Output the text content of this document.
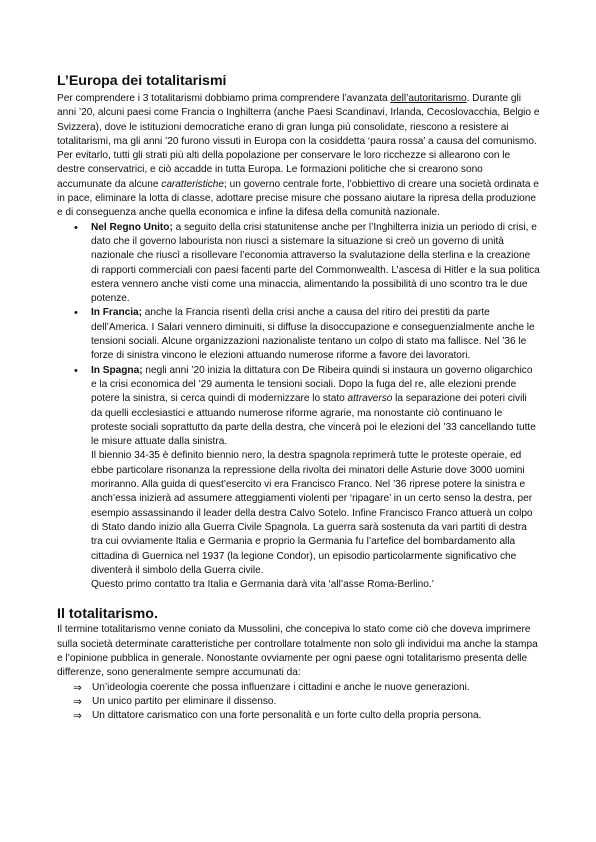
L’Europa dei totalitarismi

Per comprendere i 3 totalitarismi dobbiamo prima comprendere l’avanzata dell’autoritarismo. Durante gli anni ’20, alcuni paesi come Francia o Inghilterra (anche Paesi Scandinavi, Irlanda, Cecoslovacchia, Belgio e Svizzera), dove le istituzioni democratiche erano di gran lunga più consolidate, riescono a resistere ai totalitarismi, ma gli anni ’20 furono vissuti in Europa con la cosiddetta ‘paura rossa’ a causa del comunismo. Per evitarlo, tutti gli strati più alti della popolazione per conservare le loro ricchezze si allearono con le destre conservatrici, e ciò accadde in tutta Europa. Le formazioni politiche che si crearono sono accumunate da alcune caratteristiche; un governo centrale forte, l’obbiettivo di creare una società ordinata e in pace, eliminare la lotta di classe, adottare precise misure che possano aiutare la ripresa della produzione e di conseguenza anche quella economica e infine la difesa della comunità nazionale.

• Nel Regno Unito; a seguito della crisi statunitense anche per l’Inghilterra inizia un periodo di crisi, e dato che il governo labourista non riuscì a sistemare la situazione si creò un governo di unità nazionale che riuscì a risollevare l’economia attraverso la svalutazione della sterlina e la creazione di rapporti commerciali con paesi facenti parte del Commonwealth. L’ascesa di Hitler e la sua politica estera vennero anche visti come una minaccia, alimentando la possibilità di uno scontro tra le due potenze.
• In Francia; anche la Francia risentì della crisi anche a causa del ritiro dei prestiti da parte dell’America. I Salari vennero diminuiti, si diffuse la disoccupazione e conseguenzialmente anche le tensioni sociali. Alcune organizzazioni nazionaliste tentano un colpo di stato ma fallisce. Nel ’36 le forze di sinistra vincono le elezioni attuando numerose riforme a favore dei lavoratori.
• In Spagna; negli anni ’20 inizia la dittatura con De Ribeira quindi si instaura un governo oligarchico e la crisi economica del ’29 aumenta le tensioni sociali. Dopo la fuga del re, alle elezioni prende potere la sinistra, si cerca quindi di modernizzare lo stato attraverso la separazione dei poteri civili da quelli ecclesiastici e attuando numerose riforme agrarie, ma nonostante ciò continuano le proteste sociali soprattutto da parte della destra, che vincerà poi le elezioni del ’33 cancellando tutte le misure attuate dalla sinistra.
Il biennio 34-35 è definito biennio nero, la destra spagnola reprimerà tutte le proteste operaie, ed ebbe particolare risonanza la repressione della rivolta dei minatori delle Asturie dove 3000 uomini moriranno. Alla guida di quest’esercito vi era Francisco Franco. Nel ’36 riprese potere la sinistra e anch’essa inizierà ad assumere atteggiamenti violenti per ‘ripagare’ in un certo senso la destra, per esempio assassinando il leader della destra Calvo Sotelo. Infine Francisco Franco attuerà un colpo di Stato dando inizio alla Guerra Civile Spagnola. La guerra sarà sostenuta da vari partiti di destra tra cui ovviamente Italia e Germania e proprio la Germania fu l’artefice del bombardamento alla cittadina di Guernica nel 1937 (la legione Condor), un episodio particolarmente significativo che diventerà il simbolo della Guerra civile.
Questo primo contatto tra Italia e Germania darà vita ‘all’asse Roma-Berlino.’
Il totalitarismo.

Il termine totalitarismo venne coniato da Mussolini, che concepiva lo stato come ciò che doveva imprimere sulla società determinate caratteristiche per controllare totalmente non solo gli individui ma anche la stampa e l’opinione pubblica in generale. Nonostante ovviamente per ogni paese ogni totalitarismo presenta delle differenze, sono generalmente sempre accumunati da:

⇒ Un’ideologia coerente che possa influenzare i cittadini e anche le nuove generazioni.
⇒ Un unico partito per eliminare il dissenso.
⇒ Un dittatore carismatico con una forte personalità e un forte culto della propria persona.
